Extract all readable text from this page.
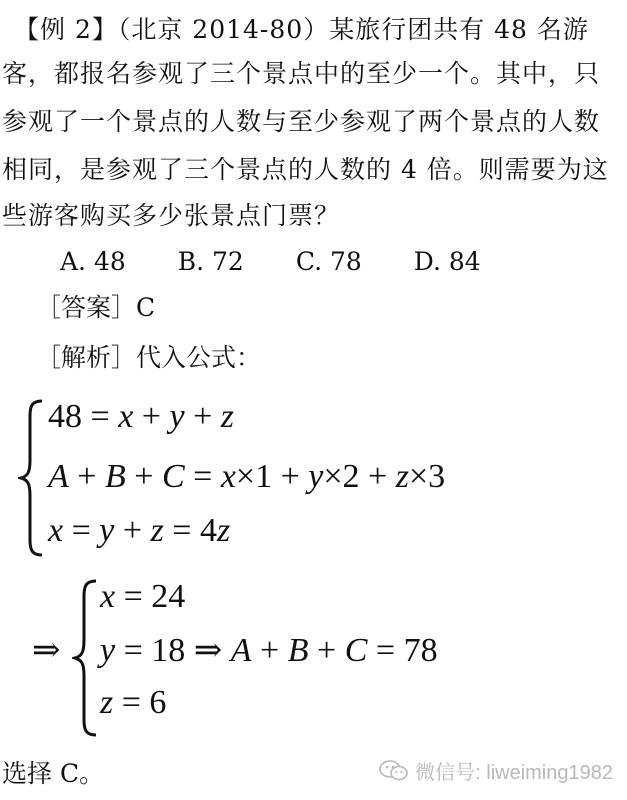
【例 2】（北京 2014-80）某旅行团共有 48 名游
客，都报名参观了三个景点中的至少一个。其中，只
参观了一个景点的人数与至少参观了两个景点的人数
相同，是参观了三个景点的人数的 4 倍。则需要为这
些游客购买多少张景点门票？
A. 48 B. 72 C. 78 D. 84
［答案］C
［解析］代入公式：
48 = x + y + z
A + B + C = x×1 + y×2 + z×3
x = y + z = 4z
⇒
x = 24
y = 18 ⇒ A + B + C = 78
z = 6
选择 C。	微信号: liweiming1982
